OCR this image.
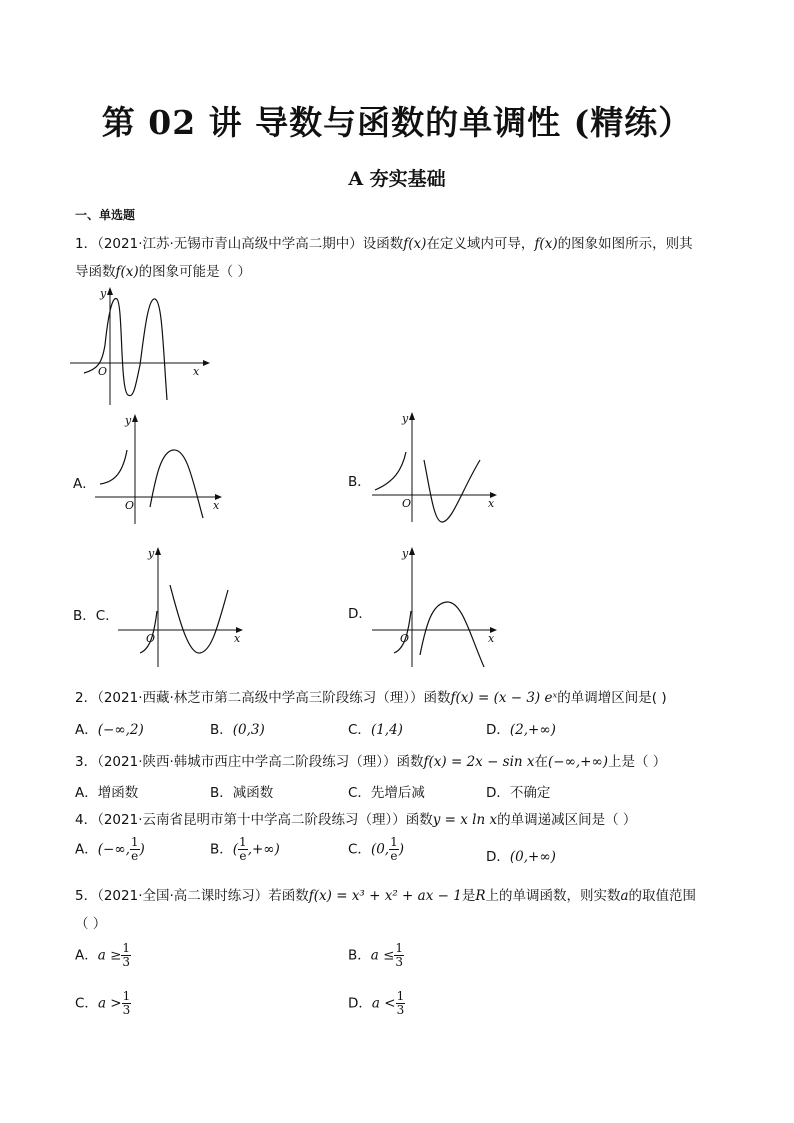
第 02 讲 导数与函数的单调性 (精练）
A 夯实基础
一、单选题
1．（2021·江苏·无锡市青山高级中学高二期中）设函数f(x)在定义域内可导，f(x)的图象如图所示，则其
导函数f(x)的图象可能是（ ）
y
x
O
A．
y
x
O
B．
y
x
O
B．C．
y
x
O
D．
y
x
O
2．（2021·西藏·林芝市第二高级中学高三阶段练习（理））函数f(x) = (x − 3) eˣ的单调增区间是( )
A．(−∞,2)	B．(0,3)	C．(1,4)	D．(2,+∞)
3．（2021·陕西·韩城市西庄中学高二阶段练习（理））函数f(x) = 2x − sin x在(−∞,+∞)上是（ ）
A．增函数	B．减函数	C．先增后减	D．不确定
4．（2021·云南省昆明市第十中学高二阶段练习（理））函数y = x ln x的单调递减区间是（ ）
A．(−∞, $\frac{1}{e}$ )	B．( $\frac{1}{e}$ ,+∞)	C．(0, $\frac{1}{e}$ )	D．(0,+∞)
5．（2021·全国·高二课时练习）若函数f(x) = x³ + x² + ax − 1是R上的单调函数，则实数a的取值范围
（ ）
A．$a \ge \frac{1}{3}$	B．$a \le \frac{1}{3}$
C．$a > \frac{1}{3}$	D．$a < \frac{1}{3}$
